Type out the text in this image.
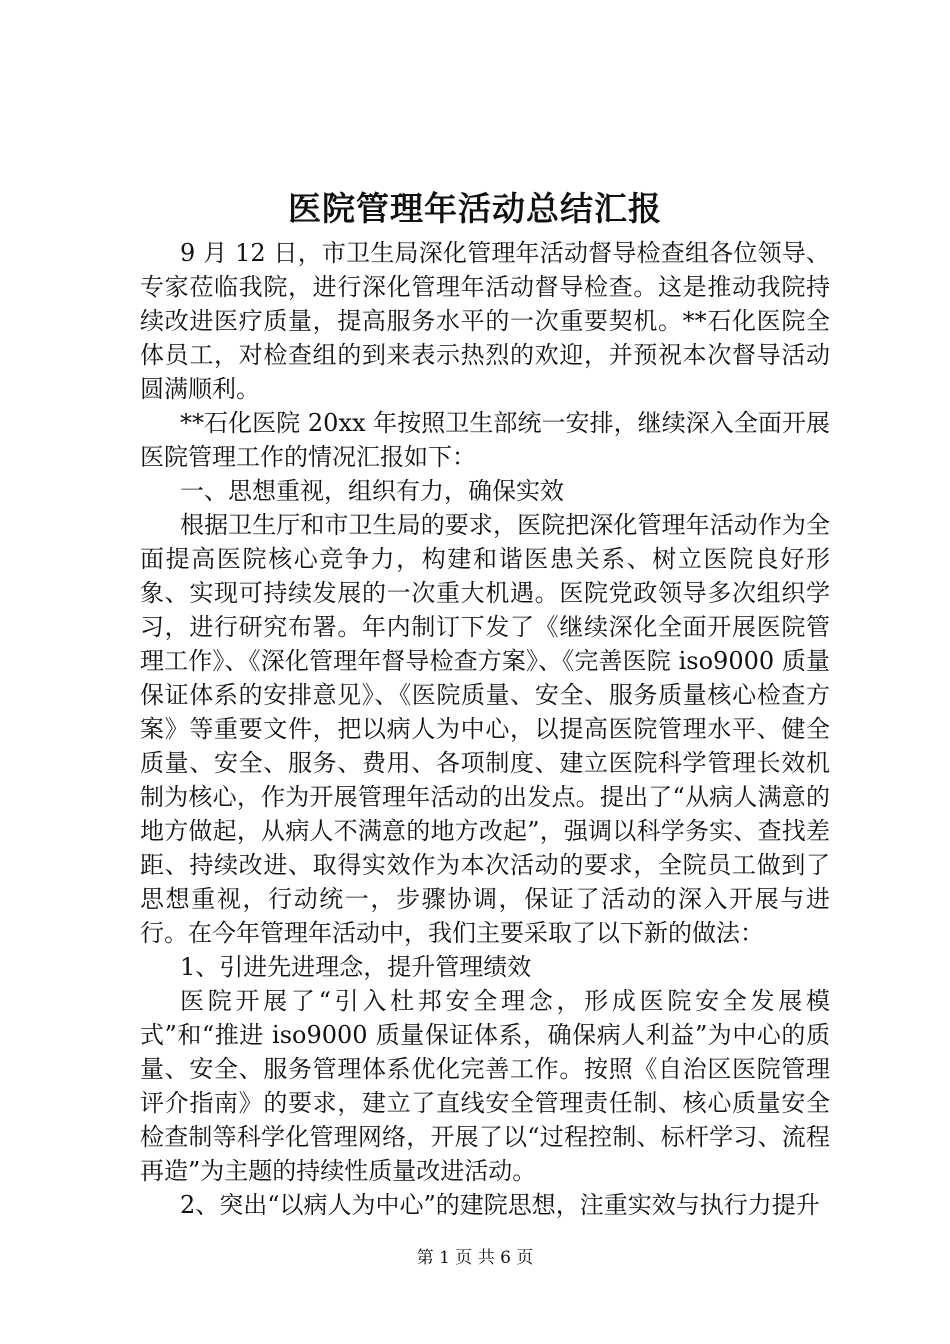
医院管理年活动总结汇报

9 月 12 日，市卫生局深化管理年活动督导检查组各位领导、专家莅临我院，进行深化管理年活动督导检查。这是推动我院持续改进医疗质量，提高服务水平的一次重要契机。**石化医院全体员工，对检查组的到来表示热烈的欢迎，并预祝本次督导活动圆满顺利。

**石化医院 20xx 年按照卫生部统一安排，继续深入全面开展医院管理工作的情况汇报如下：

一、思想重视，组织有力，确保实效

根据卫生厅和市卫生局的要求，医院把深化管理年活动作为全面提高医院核心竞争力，构建和谐医患关系、树立医院良好形象、实现可持续发展的一次重大机遇。医院党政领导多次组织学习，进行研究布署。年内制订下发了《继续深化全面开展医院管理工作》、《深化管理年督导检查方案》、《完善医院 iso9000 质量保证体系的安排意见》、《医院质量、安全、服务质量核心检查方案》等重要文件，把以病人为中心，以提高医院管理水平、健全质量、安全、服务、费用、各项制度、建立医院科学管理长效机制为核心，作为开展管理年活动的出发点。提出了“从病人满意的地方做起，从病人不满意的地方改起”，强调以科学务实、查找差距、持续改进、取得实效作为本次活动的要求，全院员工做到了思想重视，行动统一，步骤协调，保证了活动的深入开展与进行。在今年管理年活动中，我们主要采取了以下新的做法：

1、引进先进理念，提升管理绩效

医院开展了“引入杜邦安全理念，形成医院安全发展模式”和“推进 iso9000 质量保证体系，确保病人利益”为中心的质量、安全、服务管理体系优化完善工作。按照《自治区医院管理评介指南》的要求，建立了直线安全管理责任制、核心质量安全检查制等科学化管理网络，开展了以“过程控制、标杆学习、流程再造”为主题的持续性质量改进活动。

2、突出“以病人为中心”的建院思想，注重实效与执行力提升

第 1 页 共 6 页
